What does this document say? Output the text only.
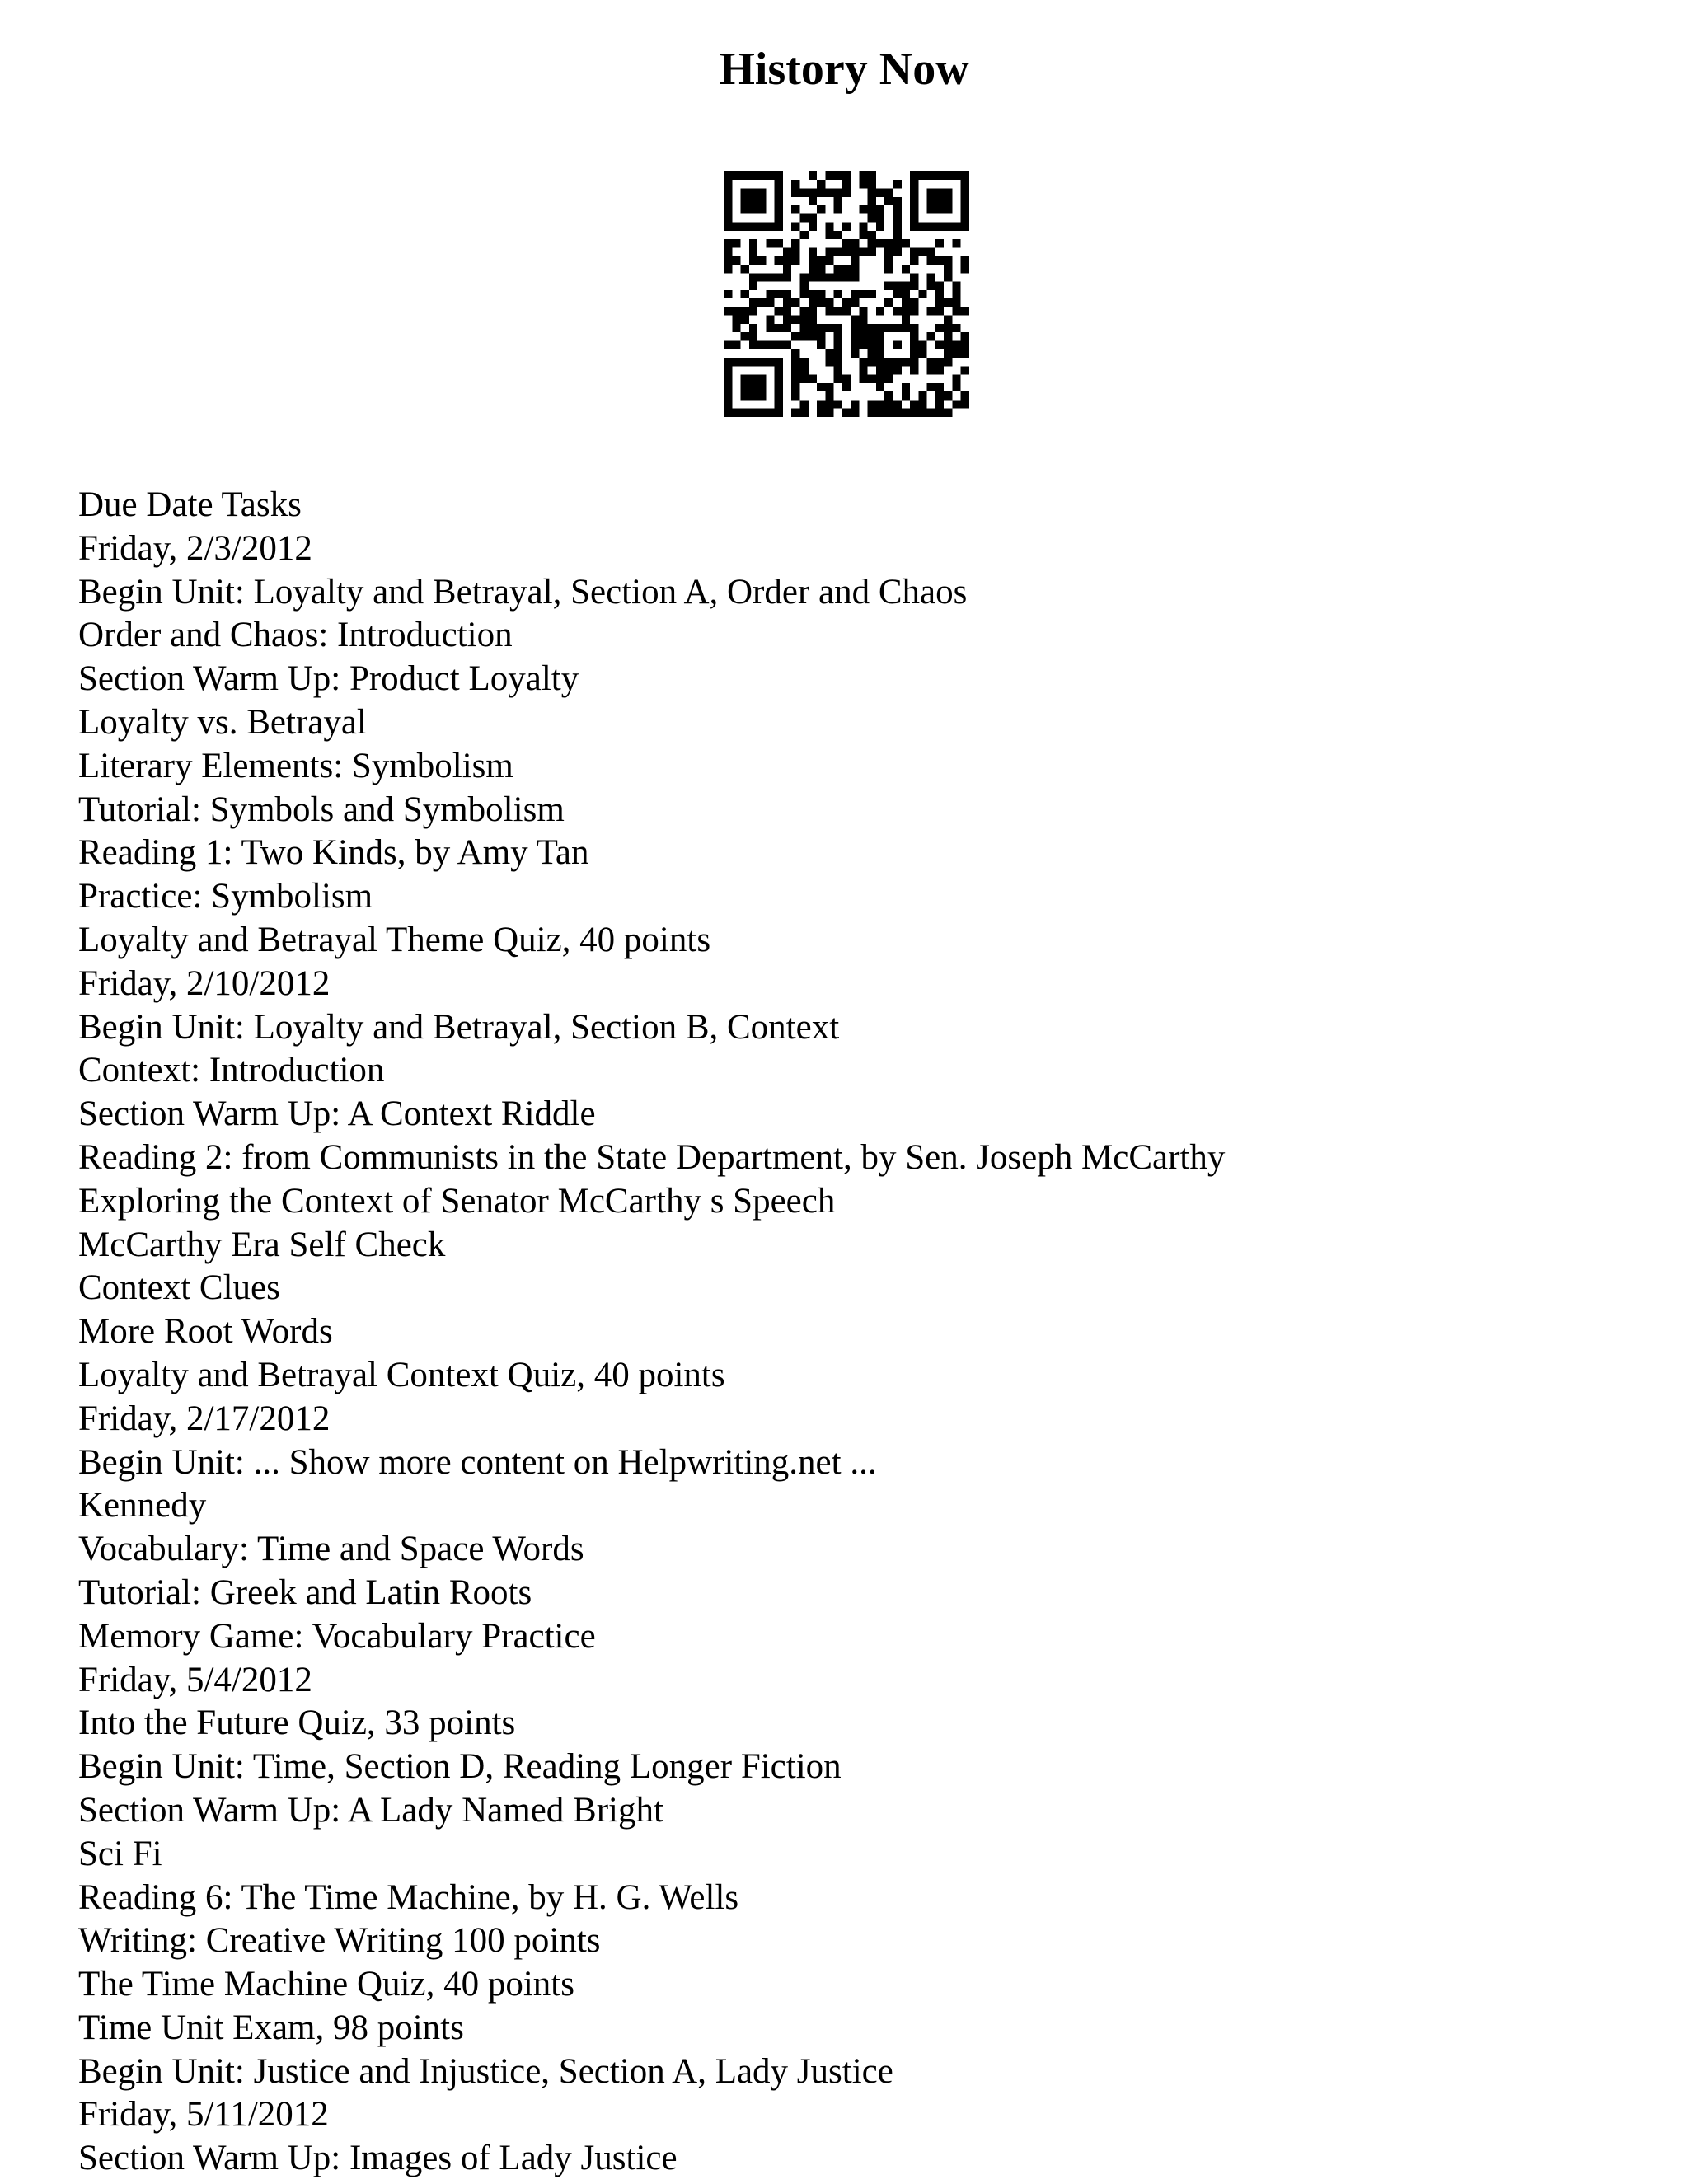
History Now
Due Date Tasks
Friday, 2/3/2012
Begin Unit: Loyalty and Betrayal, Section A, Order and Chaos
Order and Chaos: Introduction
Section Warm Up: Product Loyalty
Loyalty vs. Betrayal
Literary Elements: Symbolism
Tutorial: Symbols and Symbolism
Reading 1: Two Kinds, by Amy Tan
Practice: Symbolism
Loyalty and Betrayal Theme Quiz, 40 points
Friday, 2/10/2012
Begin Unit: Loyalty and Betrayal, Section B, Context
Context: Introduction
Section Warm Up: A Context Riddle
Reading 2: from Communists in the State Department, by Sen. Joseph McCarthy
Exploring the Context of Senator McCarthy s Speech
McCarthy Era Self Check
Context Clues
More Root Words
Loyalty and Betrayal Context Quiz, 40 points
Friday, 2/17/2012
Begin Unit: ... Show more content on Helpwriting.net ...
Kennedy
Vocabulary: Time and Space Words
Tutorial: Greek and Latin Roots
Memory Game: Vocabulary Practice
Friday, 5/4/2012
Into the Future Quiz, 33 points
Begin Unit: Time, Section D, Reading Longer Fiction
Section Warm Up: A Lady Named Bright
Sci Fi
Reading 6: The Time Machine, by H. G. Wells
Writing: Creative Writing 100 points
The Time Machine Quiz, 40 points
Time Unit Exam, 98 points
Begin Unit: Justice and Injustice, Section A, Lady Justice
Friday, 5/11/2012
Section Warm Up: Images of Lady Justice
